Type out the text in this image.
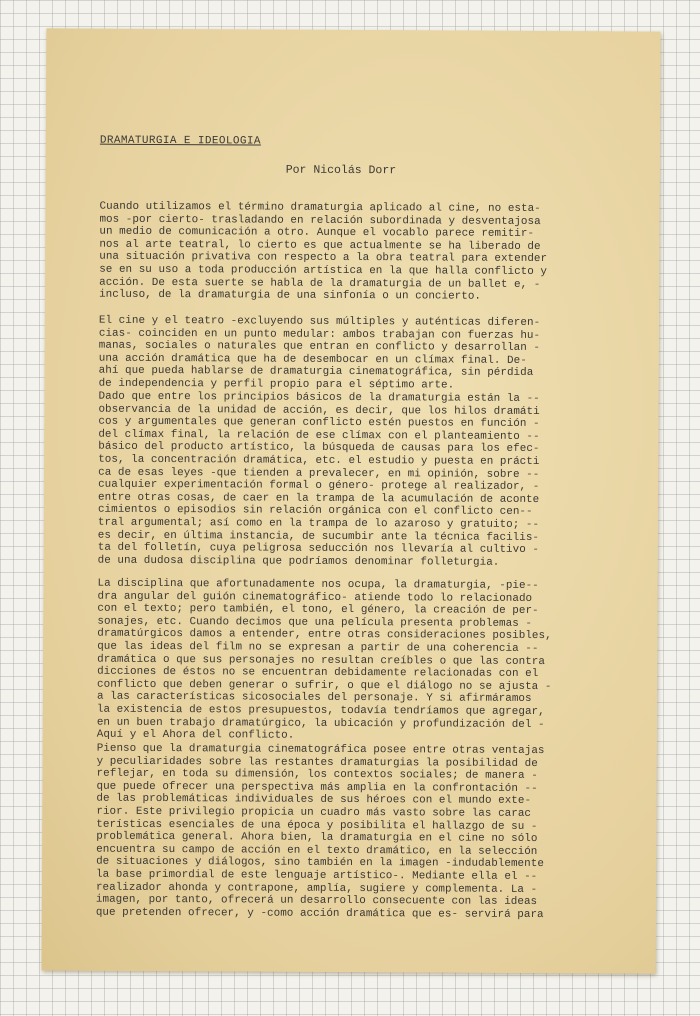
DRAMATURGIA E IDEOLOGIA
Por Nicolás Dorr
Cuando utilizamos el término dramaturgia aplicado al cine, no esta-
mos -por cierto- trasladando en relación subordinada y desventajosa
un medio de comunicación a otro. Aunque el vocablo parece remitir-
nos al arte teatral, lo cierto es que actualmente se ha liberado de
una situación privativa con respecto a la obra teatral para extender
se en su uso a toda producción artística en la que halla conflicto y
acción. De esta suerte se habla de la dramaturgia de un ballet e, -
incluso, de la dramaturgia de una sinfonía o un concierto.
El cine y el teatro -excluyendo sus múltiples y auténticas diferen-
cias- coinciden en un punto medular: ambos trabajan con fuerzas hu-
manas, sociales o naturales que entran en conflicto y desarrollan -
una acción dramática que ha de desembocar en un clímax final. De-
ahí que pueda hablarse de dramaturgia cinematográfica, sin pérdida
de independencia y perfil propio para el séptimo arte.
Dado que entre los principios básicos de la dramaturgia están la --
observancia de la unidad de acción, es decir, que los hilos dramáti
cos y argumentales que generan conflicto estén puestos en función -
del clímax final, la relación de ese clímax con el planteamiento --
básico del producto artístico, la búsqueda de causas para los efec-
tos, la concentración dramática, etc. el estudio y puesta en prácti
ca de esas leyes -que tienden a prevalecer, en mi opinión, sobre --
cualquier experimentación formal o género- protege al realizador, -
entre otras cosas, de caer en la trampa de la acumulación de aconte
cimientos o episodios sin relación orgánica con el conflicto cen--
tral argumental; así como en la trampa de lo azaroso y gratuito; --
es decir, en última instancia, de sucumbir ante la técnica facilis-
ta del folletín, cuya peligrosa seducción nos llevaría al cultivo -
de una dudosa disciplina que podríamos denominar folleturgia.
La disciplina que afortunadamente nos ocupa, la dramaturgia, -pie--
dra angular del guión cinematográfico- atiende todo lo relacionado
con el texto; pero también, el tono, el género, la creación de per-
sonajes, etc. Cuando decimos que una película presenta problemas -
dramatúrgicos damos a entender, entre otras consideraciones posibles,
que las ideas del film no se expresan a partir de una coherencia --
dramática o que sus personajes no resultan creíbles o que las contra
dicciones de éstos no se encuentran debidamente relacionadas con el
conflicto que deben generar o sufrir, o que el diálogo no se ajusta -
a las características sicosociales del personaje. Y si afirmáramos
la existencia de estos presupuestos, todavía tendríamos que agregar,
en un buen trabajo dramatúrgico, la ubicación y profundización del -
Aquí y el Ahora del conflicto.
Pienso que la dramaturgia cinematográfica posee entre otras ventajas
y peculiaridades sobre las restantes dramaturgias la posibilidad de
reflejar, en toda su dimensión, los contextos sociales; de manera -
que puede ofrecer una perspectiva más amplia en la confrontación --
de las problemáticas individuales de sus héroes con el mundo exte-
rior. Este privilegio propicia un cuadro más vasto sobre las carac
terísticas esenciales de una época y posibilita el hallazgo de su -
problemática general. Ahora bien, la dramaturgia en el cine no sólo
encuentra su campo de acción en el texto dramático, en la selección
de situaciones y diálogos, sino también en la imagen -indudablemente
la base primordial de este lenguaje artístico-. Mediante ella el --
realizador ahonda y contrapone, amplía, sugiere y complementa. La -
imagen, por tanto, ofrecerá un desarrollo consecuente con las ideas
que pretenden ofrecer, y -como acción dramática que es- servirá para
